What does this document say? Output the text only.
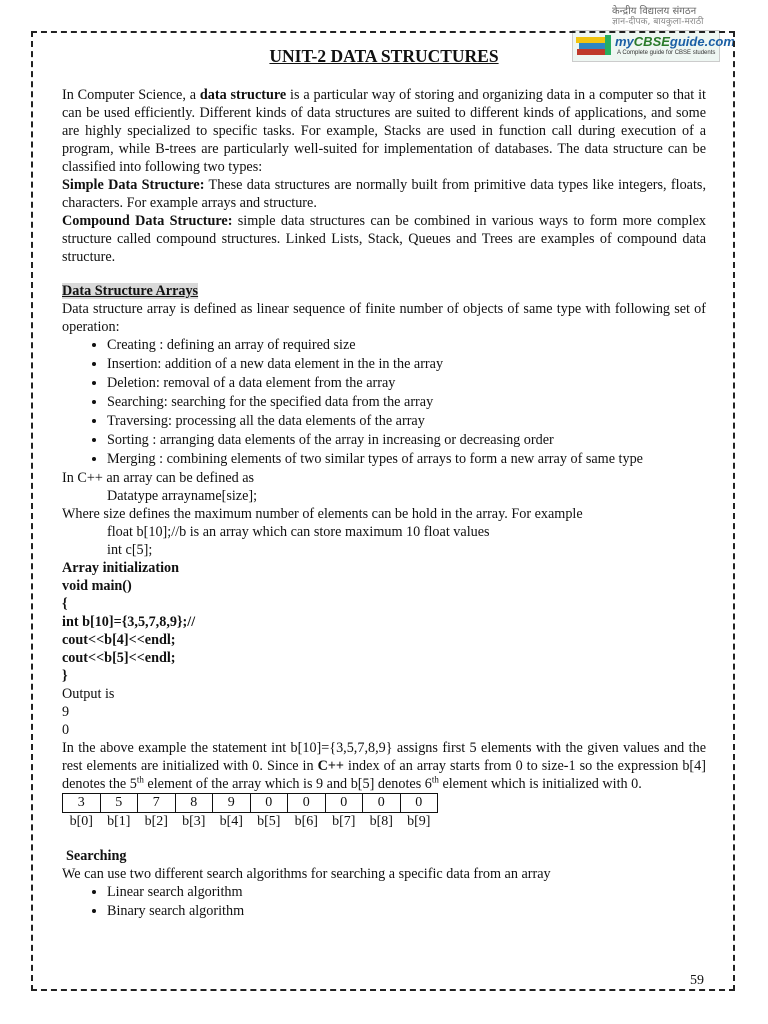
केन्द्रीय विद्यालय संगठन
ज्ञान-दीपक, बायकुला-मराठी
myCBSEguide.com
A Complete guide for CBSE students
UNIT-2 DATA STRUCTURES

In Computer Science, a data structure is a particular way of storing and organizing data in a computer so that it can be used efficiently. Different kinds of data structures are suited to different kinds of applications, and some are highly specialized to specific tasks. For example, Stacks are used in function call during execution of a program, while B-trees are particularly well-suited for implementation of databases. The data structure can be classified into following two types:

Simple Data Structure: These data structures are normally built from primitive data types like integers, floats, characters. For example arrays and structure.

Compound Data Structure: simple data structures can be combined in various ways to form more complex structure called compound structures. Linked Lists, Stack, Queues and Trees are examples of compound data structure.

Data Structure Arrays

Data structure array is defined as linear sequence of finite number of objects of same type with following set of operation:

• Creating : defining an array of required size
• Insertion: addition of a new data element in the in the array
• Deletion: removal of a data element from the array
• Searching: searching for the specified data from the array
• Traversing: processing all the data elements of the array
• Sorting : arranging data elements of the array in increasing or decreasing order
• Merging : combining elements of two similar types of arrays to form a new array of same type

In C++ an array can be defined as

Datatype arrayname[size];

Where size defines the maximum number of elements can be hold in the array. For example

float b[10];//b is an array which can store maximum 10 float values

int c[5];

Array initialization

void main()

{

int b[10]={3,5,7,8,9};//

cout<<b[4]<<endl;

cout<<b[5]<<endl;

}

Output is

9

0

In the above example the statement int b[10]={3,5,7,8,9} assigns first 5 elements with the given values and the rest elements are initialized with 0. Since in C++ index of an array starts from 0 to size-1 so the expression b[4] denotes the 5th element of the array which is 9 and b[5] denotes 6th element which is initialized with 0.

3	5	7	8	9	0	0	0	0	0
b[0]	b[1]	b[2]	b[3]	b[4]	b[5]	b[6]	b[7]	b[8]	b[9]

Searching

We can use two different search algorithms for searching a specific data from an array

• Linear search algorithm
• Binary search algorithm
59
